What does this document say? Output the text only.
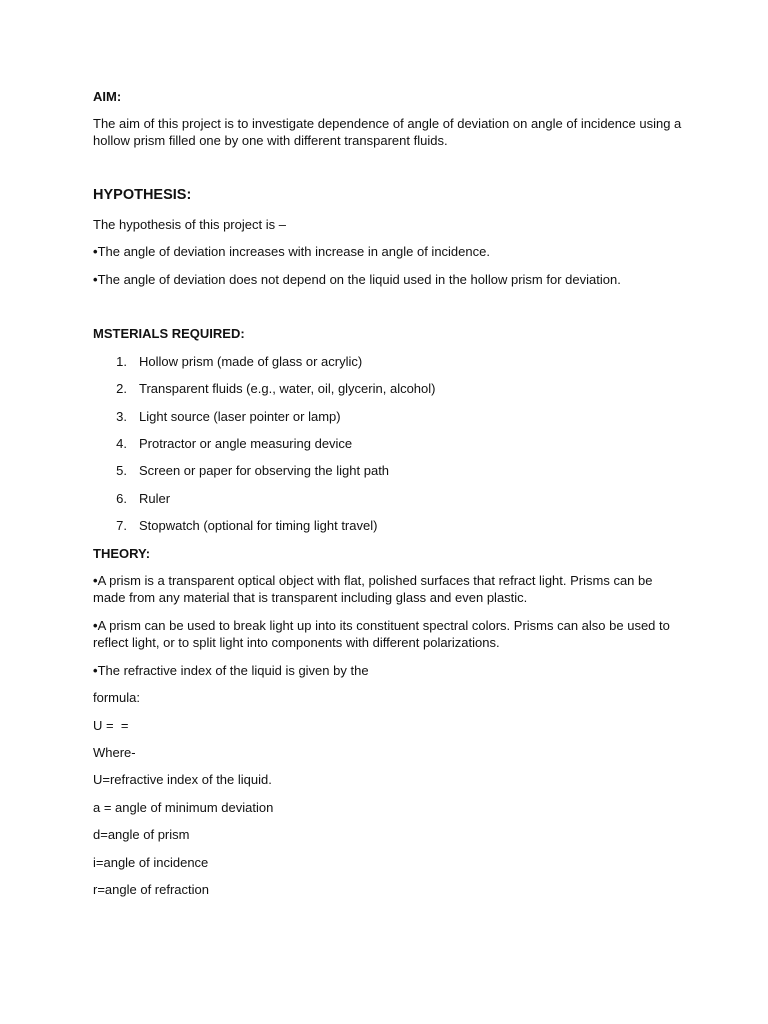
AIM:
The aim of this project is to investigate dependence of angle of deviation on angle of incidence using a hollow prism filled one by one with different transparent fluids.
HYPOTHESIS:
The hypothesis of this project is –
• The angle of deviation increases with increase in angle of incidence.
• The angle of deviation does not depend on the liquid used in the hollow prism for deviation.
MSTERIALS REQUIRED:
1. Hollow prism (made of glass or acrylic)
2. Transparent fluids (e.g., water, oil, glycerin, alcohol)
3. Light source (laser pointer or lamp)
4. Protractor or angle measuring device
5. Screen or paper for observing the light path
6. Ruler
7. Stopwatch (optional for timing light travel)
THEORY:
• A prism is a transparent optical object with flat, polished surfaces that refract light. Prisms can be made from any material that is transparent including glass and even plastic.
• A prism can be used to break light up into its constituent spectral colors. Prisms can also be used to reflect light, or to split light into components with different polarizations.
• The refractive index of the liquid is given by the
formula:
U =  =
Where-
U=refractive index of the liquid.
a = angle of minimum deviation
d=angle of prism
i=angle of incidence
r=angle of refraction
